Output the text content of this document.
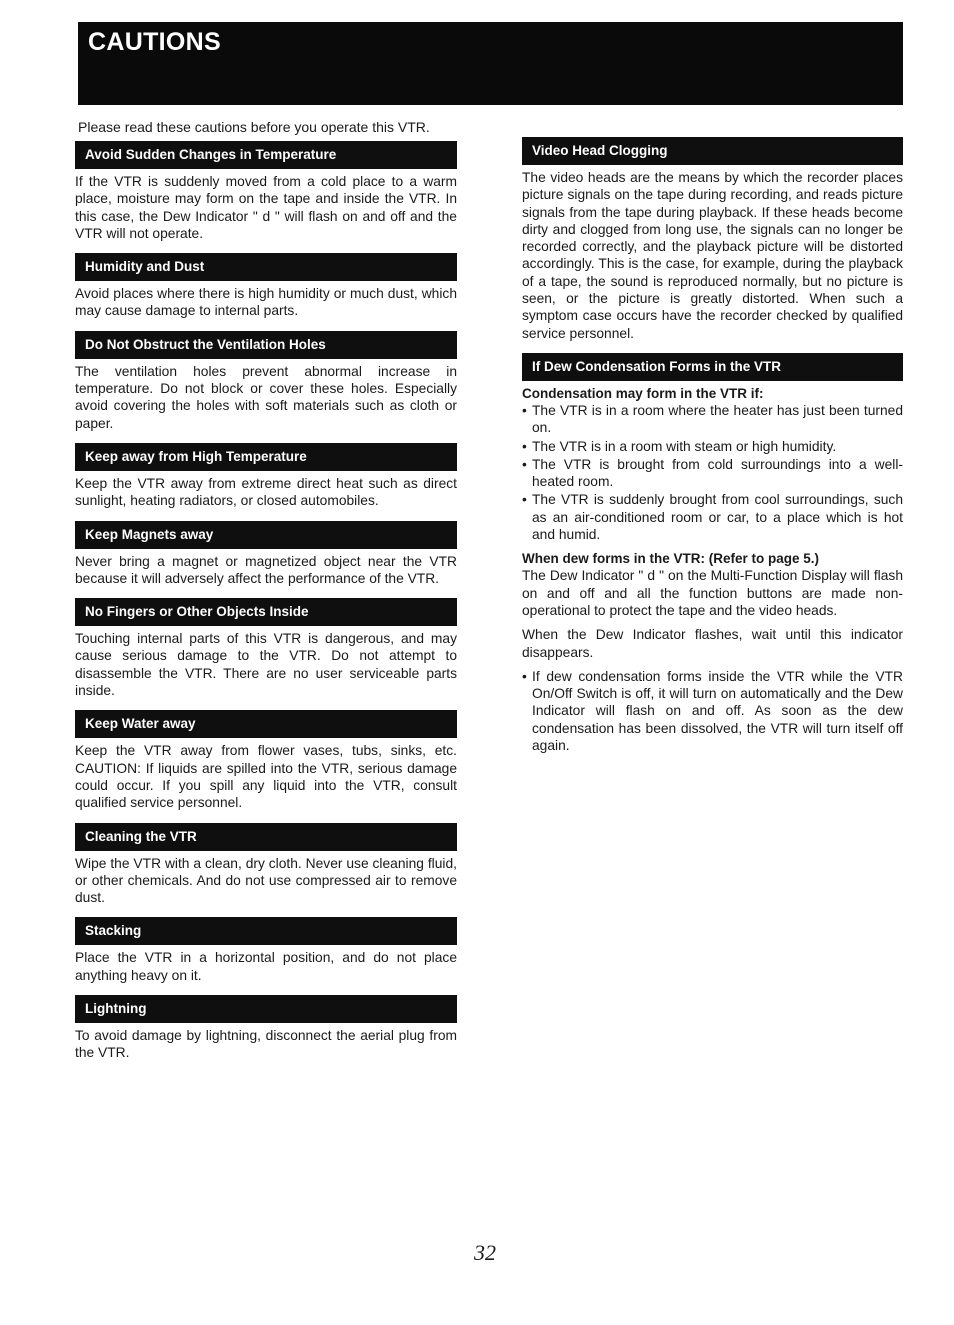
CAUTIONS

Please read these cautions before you operate this VTR.

Avoid Sudden Changes in Temperature

If the VTR is suddenly moved from a cold place to a warm place, moisture may form on the tape and inside the VTR. In this case, the Dew Indicator " d " will flash on and off and the VTR will not operate.

Humidity and Dust

Avoid places where there is high humidity or much dust, which may cause damage to internal parts.

Do Not Obstruct the Ventilation Holes

The ventilation holes prevent abnormal increase in temperature. Do not block or cover these holes. Especially avoid covering the holes with soft materials such as cloth or paper.

Keep away from High Temperature

Keep the VTR away from extreme direct heat such as direct sunlight, heating radiators, or closed automobiles.

Keep Magnets away

Never bring a magnet or magnetized object near the VTR because it will adversely affect the performance of the VTR.

No Fingers or Other Objects Inside

Touching internal parts of this VTR is dangerous, and may cause serious damage to the VTR. Do not attempt to disassemble the VTR. There are no user serviceable parts inside.

Keep Water away

Keep the VTR away from flower vases, tubs, sinks, etc. CAUTION: If liquids are spilled into the VTR, serious damage could occur. If you spill any liquid into the VTR, consult qualified service personnel.

Cleaning the VTR

Wipe the VTR with a clean, dry cloth. Never use cleaning fluid, or other chemicals. And do not use compressed air to remove dust.

Stacking

Place the VTR in a horizontal position, and do not place anything heavy on it.

Lightning

To avoid damage by lightning, disconnect the aerial plug from the VTR.

Video Head Clogging

The video heads are the means by which the recorder places picture signals on the tape during recording, and reads picture signals from the tape during playback. If these heads become dirty and clogged from long use, the signals can no longer be recorded correctly, and the playback picture will be distorted accordingly. This is the case, for example, during the playback of a tape, the sound is reproduced normally, but no picture is seen, or the picture is greatly distorted. When such a symptom case occurs have the recorder checked by qualified service personnel.

If Dew Condensation Forms in the VTR

Condensation may form in the VTR if:

• The VTR is in a room where the heater has just been turned on.
• The VTR is in a room with steam or high humidity.
• The VTR is brought from cold surroundings into a well-heated room.
• The VTR is suddenly brought from cool surroundings, such as an air-conditioned room or car, to a place which is hot and humid.

When dew forms in the VTR: (Refer to page 5.)

The Dew Indicator " d " on the Multi-Function Display will flash on and off and all the function buttons are made non-operational to protect the tape and the video heads.

When the Dew Indicator flashes, wait until this indicator disappears.

• If dew condensation forms inside the VTR while the VTR On/Off Switch is off, it will turn on automatically and the Dew Indicator will flash on and off. As soon as the dew condensation has been dissolved, the VTR will turn itself off again.
32
